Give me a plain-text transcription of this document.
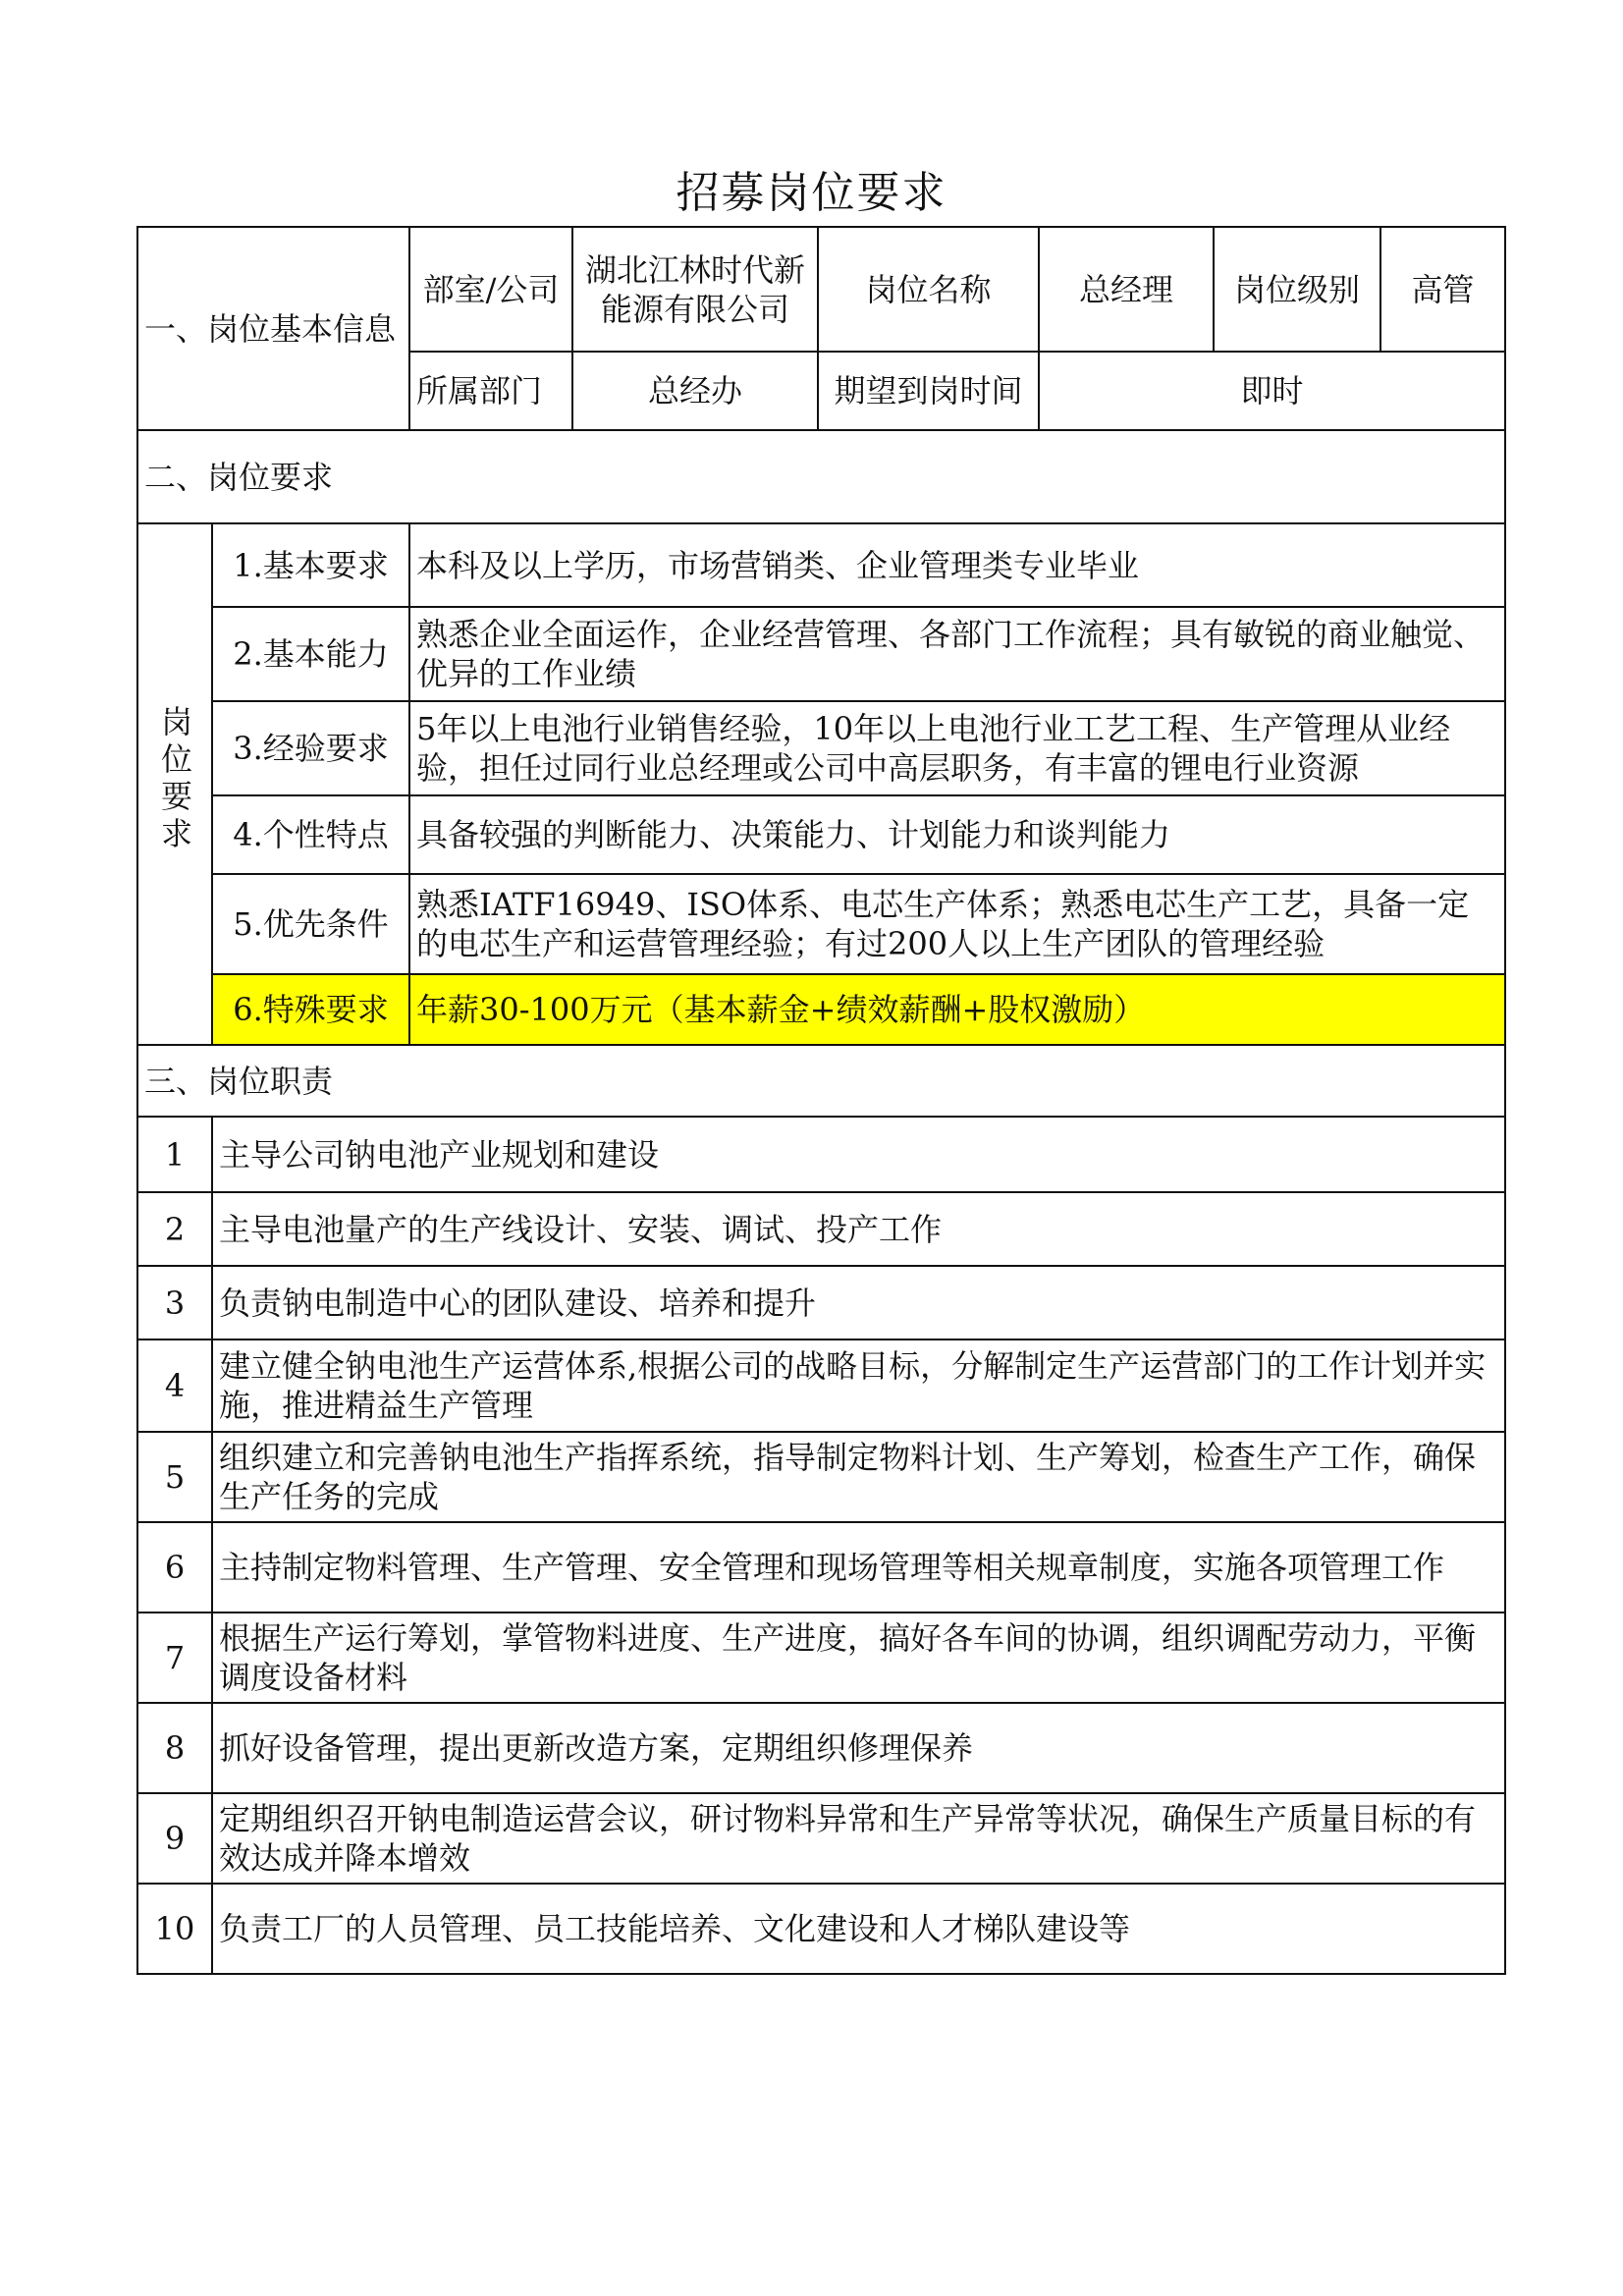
招募岗位要求
一、岗位基本信息		部室/公司	湖北江林时代新能源有限公司	岗位名称	总经理	岗位级别	高管
		所属部门	总经办	期望到岗时间	即时		
二、岗位要求							
岗位要求	1.基本要求	本科及以上学历，市场营销类、企业管理类专业毕业					
	2.基本能力	熟悉企业全面运作，企业经营管理、各部门工作流程；具有敏锐的商业触觉、优异的工作业绩					
	3.经验要求	5年以上电池行业销售经验，10年以上电池行业工艺工程、生产管理从业经验，担任过同行业总经理或公司中高层职务，有丰富的锂电行业资源					
	4.个性特点	具备较强的判断能力、决策能力、计划能力和谈判能力					
	5.优先条件	熟悉IATF16949、ISO体系、电芯生产体系；熟悉电芯生产工艺，具备一定的电芯生产和运营管理经验；有过200人以上生产团队的管理经验					
	6.特殊要求	年薪30-100万元（基本薪金+绩效薪酬+股权激励）					
三、岗位职责							
1	主导公司钠电池产业规划和建设						
2	主导电池量产的生产线设计、安装、调试、投产工作						
3	负责钠电制造中心的团队建设、培养和提升						
4	建立健全钠电池生产运营体系,根据公司的战略目标，分解制定生产运营部门的工作计划并实施，推进精益生产管理						
5	组织建立和完善钠电池生产指挥系统，指导制定物料计划、生产筹划，检查生产工作，确保生产任务的完成						
6	主持制定物料管理、生产管理、安全管理和现场管理等相关规章制度，实施各项管理工作						
7	根据生产运行筹划，掌管物料进度、生产进度，搞好各车间的协调，组织调配劳动力，平衡调度设备材料						
8	抓好设备管理，提出更新改造方案，定期组织修理保养						
9	定期组织召开钠电制造运营会议，研讨物料异常和生产异常等状况，确保生产质量目标的有效达成并降本增效						
10	负责工厂的人员管理、员工技能培养、文化建设和人才梯队建设等						
